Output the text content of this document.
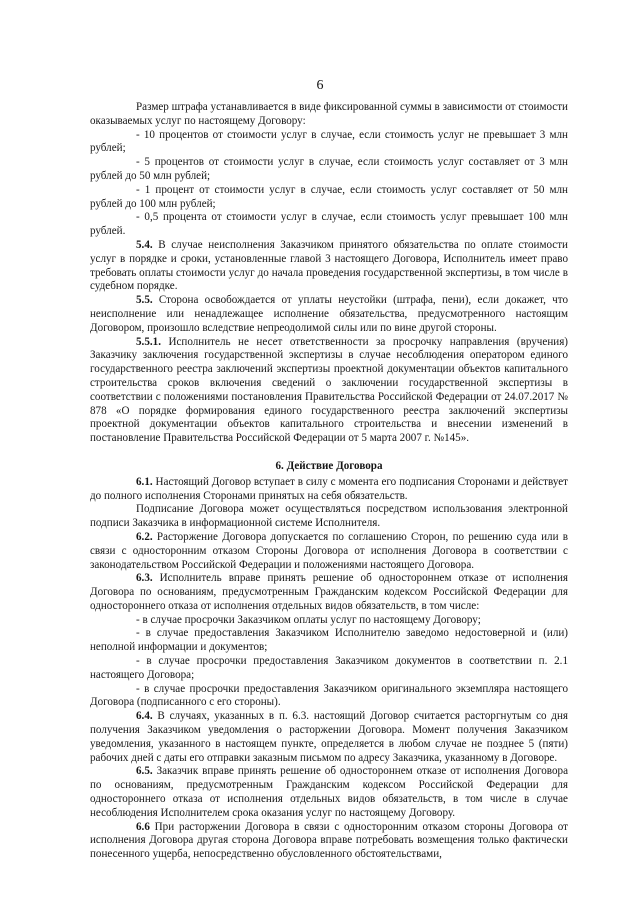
6

Размер штрафа устанавливается в виде фиксированной суммы в зависимости от стоимости оказываемых услуг по настоящему Договору:

- 10 процентов от стоимости услуг в случае, если стоимость услуг не превышает 3 млн рублей;

- 5 процентов от стоимости услуг в случае, если стоимость услуг составляет от 3 млн рублей до 50 млн рублей;

- 1 процент от стоимости услуг в случае, если стоимость услуг составляет от 50 млн рублей до 100 млн рублей;

- 0,5 процента от стоимости услуг в случае, если стоимость услуг превышает 100 млн рублей.

5.4. В случае неисполнения Заказчиком принятого обязательства по оплате стоимости услуг в порядке и сроки, установленные главой 3 настоящего Договора, Исполнитель имеет право требовать оплаты стоимости услуг до начала проведения государственной экспертизы, в том числе в судебном порядке.

5.5. Сторона освобождается от уплаты неустойки (штрафа, пени), если докажет, что неисполнение или ненадлежащее исполнение обязательства, предусмотренного настоящим Договором, произошло вследствие непреодолимой силы или по вине другой стороны.

5.5.1. Исполнитель не несет ответственности за просрочку направления (вручения) Заказчику заключения государственной экспертизы в случае несоблюдения оператором единого государственного реестра заключений экспертизы проектной документации объектов капитального строительства сроков включения сведений о заключении государственной экспертизы в соответствии с положениями постановления Правительства Российской Федерации от 24.07.2017 № 878 «О порядке формирования единого государственного реестра заключений экспертизы проектной документации объектов капитального строительства и внесении изменений в постановление Правительства Российской Федерации от 5 марта 2007 г. №145».

6. Действие Договора

6.1. Настоящий Договор вступает в силу с момента его подписания Сторонами и действует до полного исполнения Сторонами принятых на себя обязательств.

Подписание Договора может осуществляться посредством использования электронной подписи Заказчика в информационной системе Исполнителя.

6.2. Расторжение Договора допускается по соглашению Сторон, по решению суда или в связи с односторонним отказом Стороны Договора от исполнения Договора в соответствии с законодательством Российской Федерации и положениями настоящего Договора.

6.3. Исполнитель вправе принять решение об одностороннем отказе от исполнения Договора по основаниям, предусмотренным Гражданским кодексом Российской Федерации для одностороннего отказа от исполнения отдельных видов обязательств, в том числе:

- в случае просрочки Заказчиком оплаты услуг по настоящему Договору;

- в случае предоставления Заказчиком Исполнителю заведомо недостоверной и (или) неполной информации и документов;

- в случае просрочки предоставления Заказчиком документов в соответствии п. 2.1 настоящего Договора;

- в случае просрочки предоставления Заказчиком оригинального экземпляра настоящего Договора (подписанного с его стороны).

6.4. В случаях, указанных в п. 6.3. настоящий Договор считается расторгнутым со дня получения Заказчиком уведомления о расторжении Договора. Момент получения Заказчиком уведомления, указанного в настоящем пункте, определяется в любом случае не позднее 5 (пяти) рабочих дней с даты его отправки заказным письмом по адресу Заказчика, указанному в Договоре.

6.5. Заказчик вправе принять решение об одностороннем отказе от исполнения Договора по основаниям, предусмотренным Гражданским кодексом Российской Федерации для одностороннего отказа от исполнения отдельных видов обязательств, в том числе в случае несоблюдения Исполнителем срока оказания услуг по настоящему Договору.

6.6 При расторжении Договора в связи с односторонним отказом стороны Договора от исполнения Договора другая сторона Договора вправе потребовать возмещения только фактически понесенного ущерба, непосредственно обусловленного обстоятельствами,
